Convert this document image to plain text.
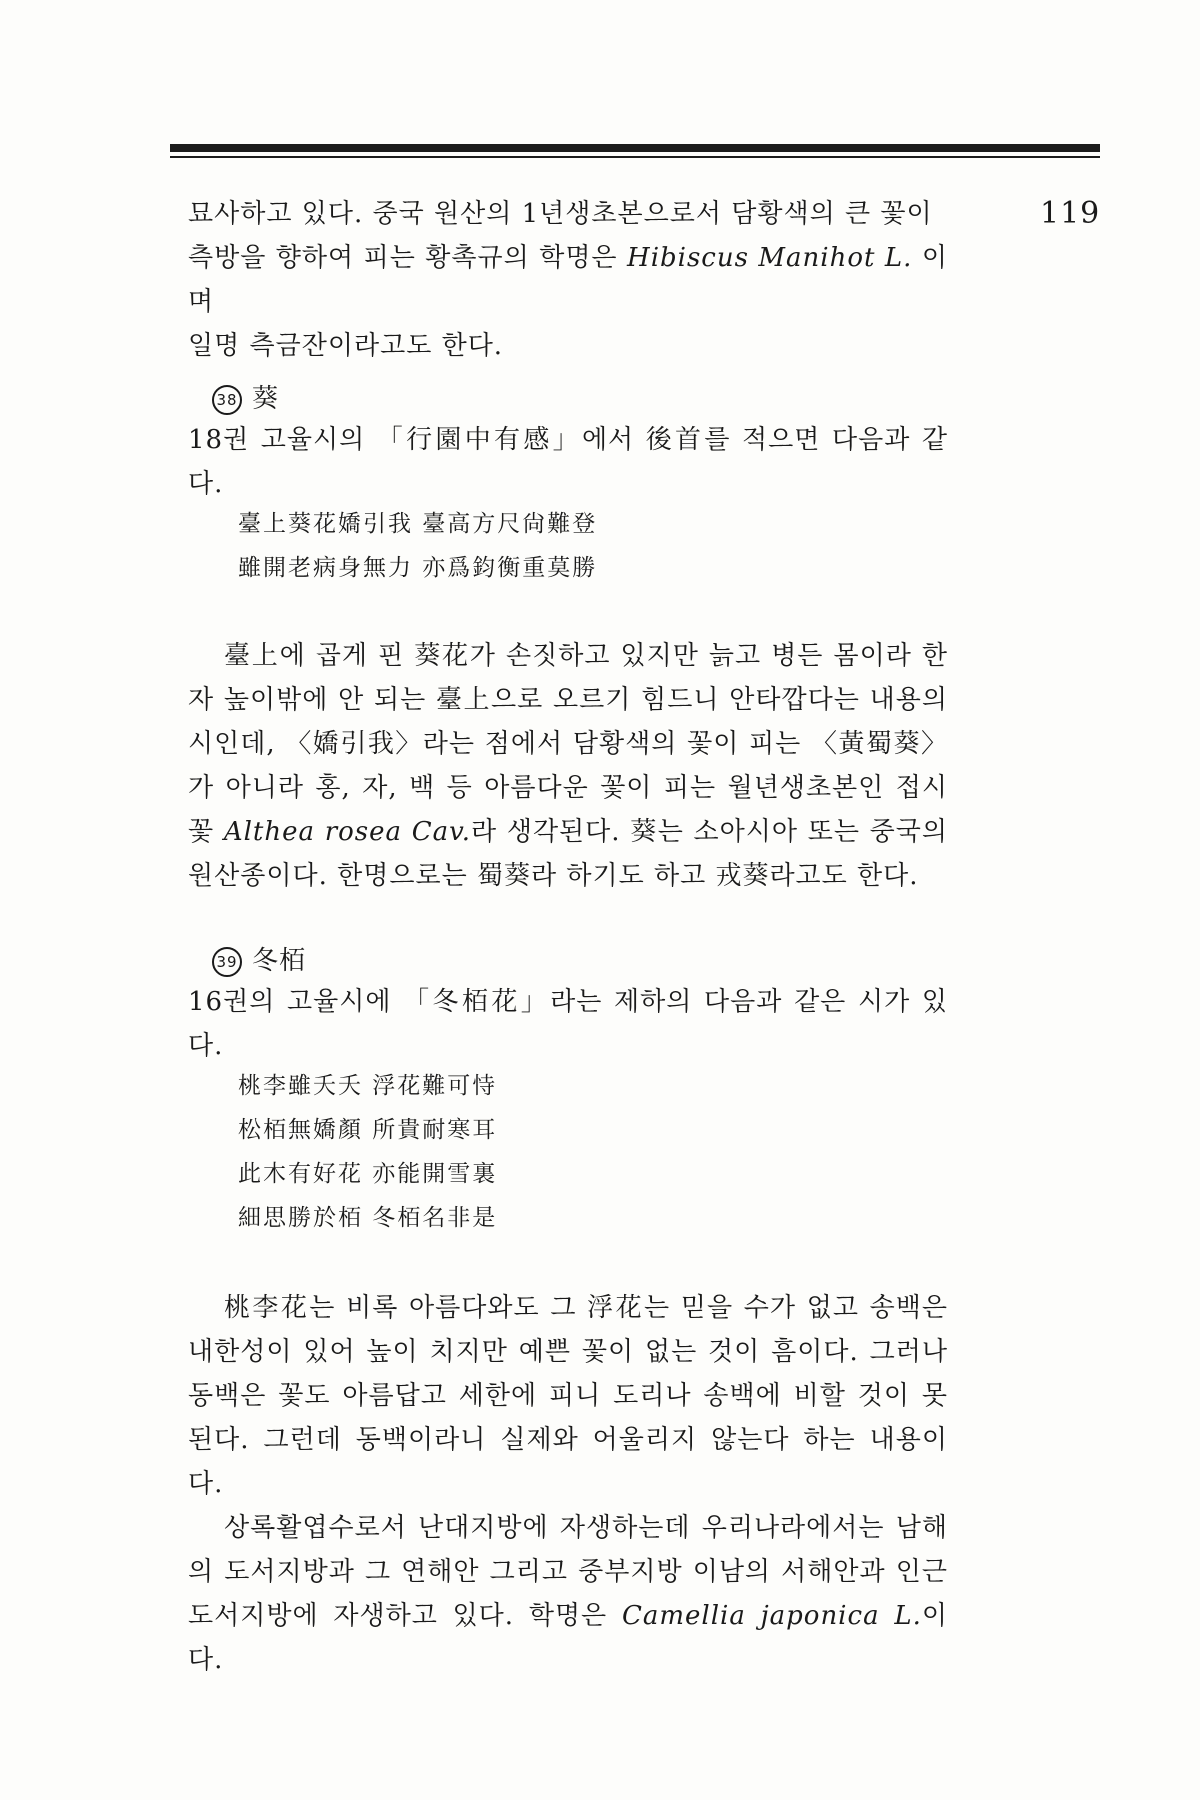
119

묘사하고 있다. 중국 원산의 1년생초본으로서 담황색의 큰 꽃이
측방을 향하여 피는 황촉규의 학명은 Hibiscus Manihot L. 이며
일명 측금잔이라고도 한다.

38 葵

18권 고율시의 「行園中有感」에서 後首를 적으면 다음과 같다.

臺上葵花嬌引我 臺高方尺尙難登
雖開老病身無力 亦爲鈞衡重莫勝

臺上에 곱게 핀 葵花가 손짓하고 있지만 늙고 병든 몸이라 한 자 높이밖에 안 되는 臺上으로 오르기 힘드니 안타깝다는 내용의 시인데, 〈嬌引我〉라는 점에서 담황색의 꽃이 피는 〈黃蜀葵〉가 아니라 홍, 자, 백 등 아름다운 꽃이 피는 월년생초본인 접시꽃 Althea rosea Cav.라 생각된다. 葵는 소아시아 또는 중국의 원산종이다. 한명으로는 蜀葵라 하기도 하고 戎葵라고도 한다.

39 冬栢

16권의 고율시에 「冬栢花」라는 제하의 다음과 같은 시가 있다.

桃李雖夭夭 浮花難可恃
松栢無嬌顏 所貴耐寒耳
此木有好花 亦能開雪裏
細思勝於栢 冬栢名非是

桃李花는 비록 아름다와도 그 浮花는 믿을 수가 없고 송백은 내한성이 있어 높이 치지만 예쁜 꽃이 없는 것이 흠이다. 그러나 동백은 꽃도 아름답고 세한에 피니 도리나 송백에 비할 것이 못 된다. 그런데 동백이라니 실제와 어울리지 않는다 하는 내용이다.

상록활엽수로서 난대지방에 자생하는데 우리나라에서는 남해의 도서지방과 그 연해안 그리고 중부지방 이남의 서해안과 인근 도서지방에 자생하고 있다. 학명은 Camellia japonica L.이다.
